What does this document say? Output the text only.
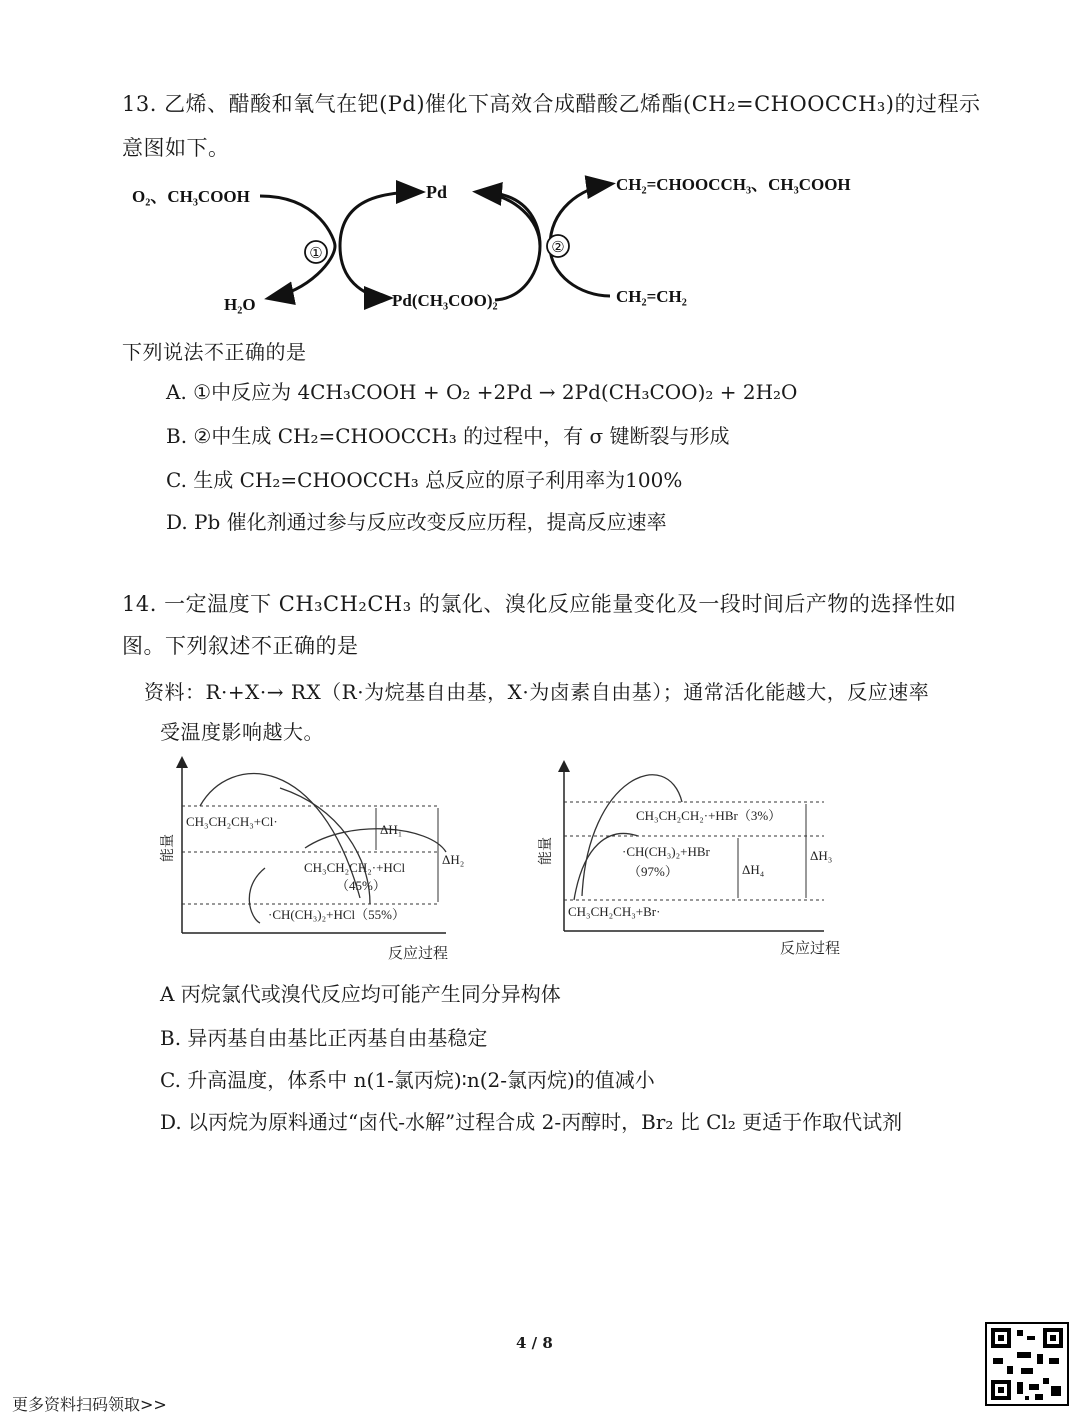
13. 乙烯、醋酸和氧气在钯(Pd)催化下高效合成醋酸乙烯酯(CH₂=CHOOCCH₃)的过程示
意图如下。
①	②
O₂、CH₃COOH	Pd	CH₂=CHOOCCH₃、CH₃COOH
H₂O	Pd(CH₃COO)₂	CH₂=CH₂
下列说法不正确的是
A. ①中反应为 4CH₃COOH + O₂ +2Pd → 2Pd(CH₃COO)₂ + 2H₂O
B. ②中生成 CH₂=CHOOCCH₃ 的过程中，有 σ 键断裂与形成
C. 生成 CH₂=CHOOCCH₃ 总反应的原子利用率为100%
D. Pb 催化剂通过参与反应改变反应历程，提高反应速率
14. 一定温度下 CH₃CH₂CH₃ 的氯化、溴化反应能量变化及一段时间后产物的选择性如
图。下列叙述不正确的是
资料：R·+X·→ RX（R·为烷基自由基，X·为卤素自由基）；通常活化能越大，反应速率
受温度影响越大。
能量
CH₃CH₂CH₃+Cl·
CH₃CH₂CH₂·+HCl
（45%）
·CH(CH₃)₂+HCl（55%）
ΔH₁
ΔH₂
反应过程
能量
CH₃CH₂CH₂·+HBr（3%）
·CH(CH₃)₂+HBr
（97%）
CH₃CH₂CH₃+Br·
ΔH₄
ΔH₃
反应过程
A 丙烷氯代或溴代反应均可能产生同分异构体
B. 异丙基自由基比正丙基自由基稳定
C. 升高温度，体系中 n(1-氯丙烷)∶n(2-氯丙烷)的值减小
D. 以丙烷为原料通过“卤代-水解”过程合成 2-丙醇时，Br₂ 比 Cl₂ 更适于作取代试剂
4 / 8
更多资料扫码领取>>
